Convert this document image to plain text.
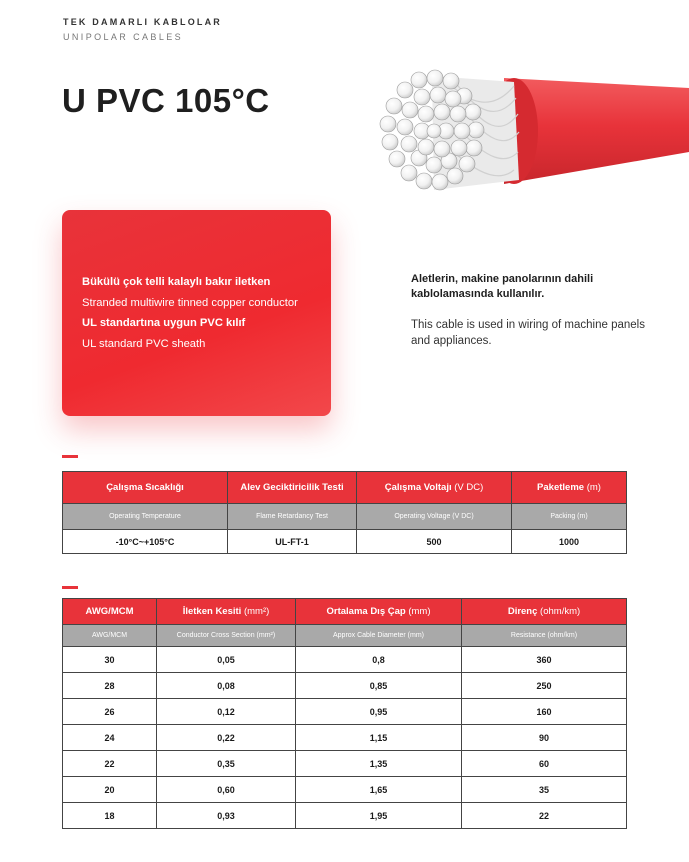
TEK DAMARLI KABLOLAR
UNIPOLAR CABLES
U PVC 105°C

Bükülü çok telli kalaylı bakır iletken

Stranded multiwire tinned copper conductor

UL standartına uygun PVC kılıf

UL standard PVC sheath

Aletlerin, makine panolarının dahili kablolamasında kullanılır.
This cable is used in wiring of machine panels and appliances.
Çalışma Sıcaklığı	Alev Geciktiricilik Testi	Çalışma Voltajı (V DC)	Paketleme (m)
Operating Temperature	Flame Retardancy Test	Operating Voltage (V DC)	Packing (m)
-10°C~+105°C	UL-FT-1	500	1000
AWG/MCM	İletken Kesiti (mm²)	Ortalama Dış Çap (mm)	Direnç (ohm/km)
AWG/MCM	Conductor Cross Section (mm²)	Approx Cable Diameter (mm)	Resistance (ohm/km)
30	0,05	0,8	360
28	0,08	0,85	250
26	0,12	0,95	160
24	0,22	1,15	90
22	0,35	1,35	60
20	0,60	1,65	35
18	0,93	1,95	22
